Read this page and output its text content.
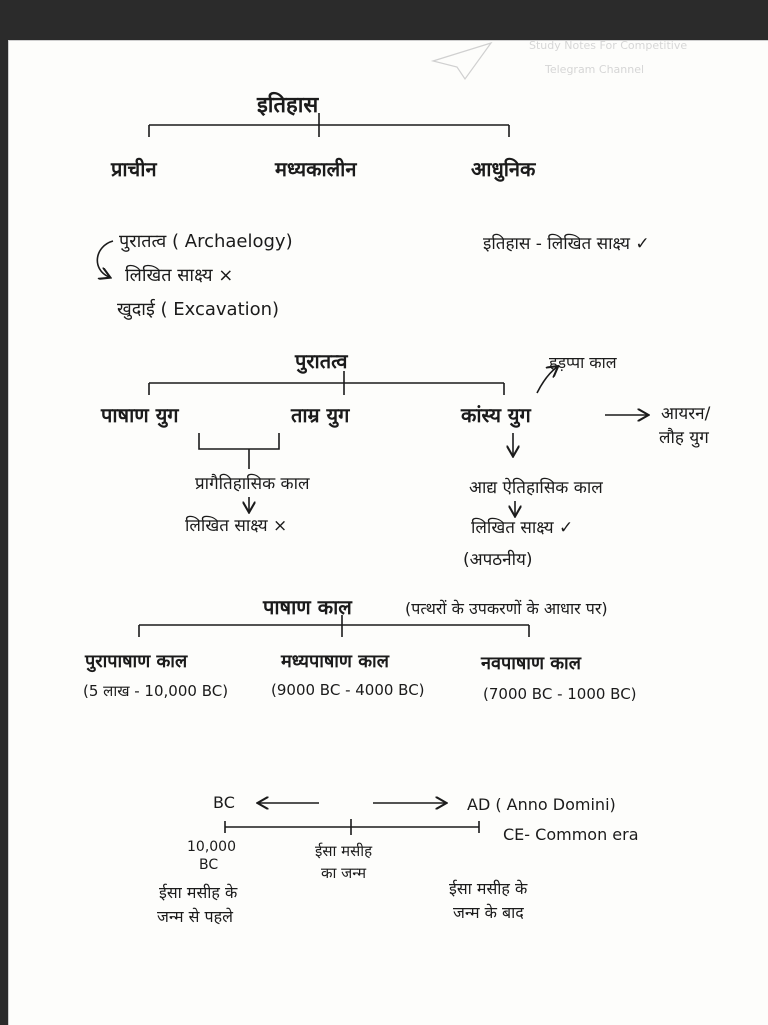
Study Notes For Competitive
Telegram Channel
इतिहास
प्राचीन	मध्यकालीन	आधुनिक
पुरातत्व ( Archaelogy)
लिखित साक्ष्य ×
खुदाई ( Excavation)
इतिहास - लिखित साक्ष्य ✓
पुरातत्व	हड़प्पा काल
पाषाण युग	ताम्र युग	कांस्य युग	आयरन/
लौह युग
प्रागैतिहासिक काल
लिखित साक्ष्य ×
आद्य ऐतिहासिक काल
लिखित साक्ष्य ✓
(अपठनीय)
पाषाण काल	(पत्थरों के उपकरणों के आधार पर)
पुरापाषाण काल	मध्यपाषाण काल	नवपाषाण काल
(5 लाख - 10,000 BC)	(9000 BC - 4000 BC)	(7000 BC - 1000 BC)
BC	AD ( Anno Domini)
CE- Common era
10,000
BC
ईसा मसीह
का जन्म
ईसा मसीह के
जन्म से पहले
ईसा मसीह के
जन्म के बाद
